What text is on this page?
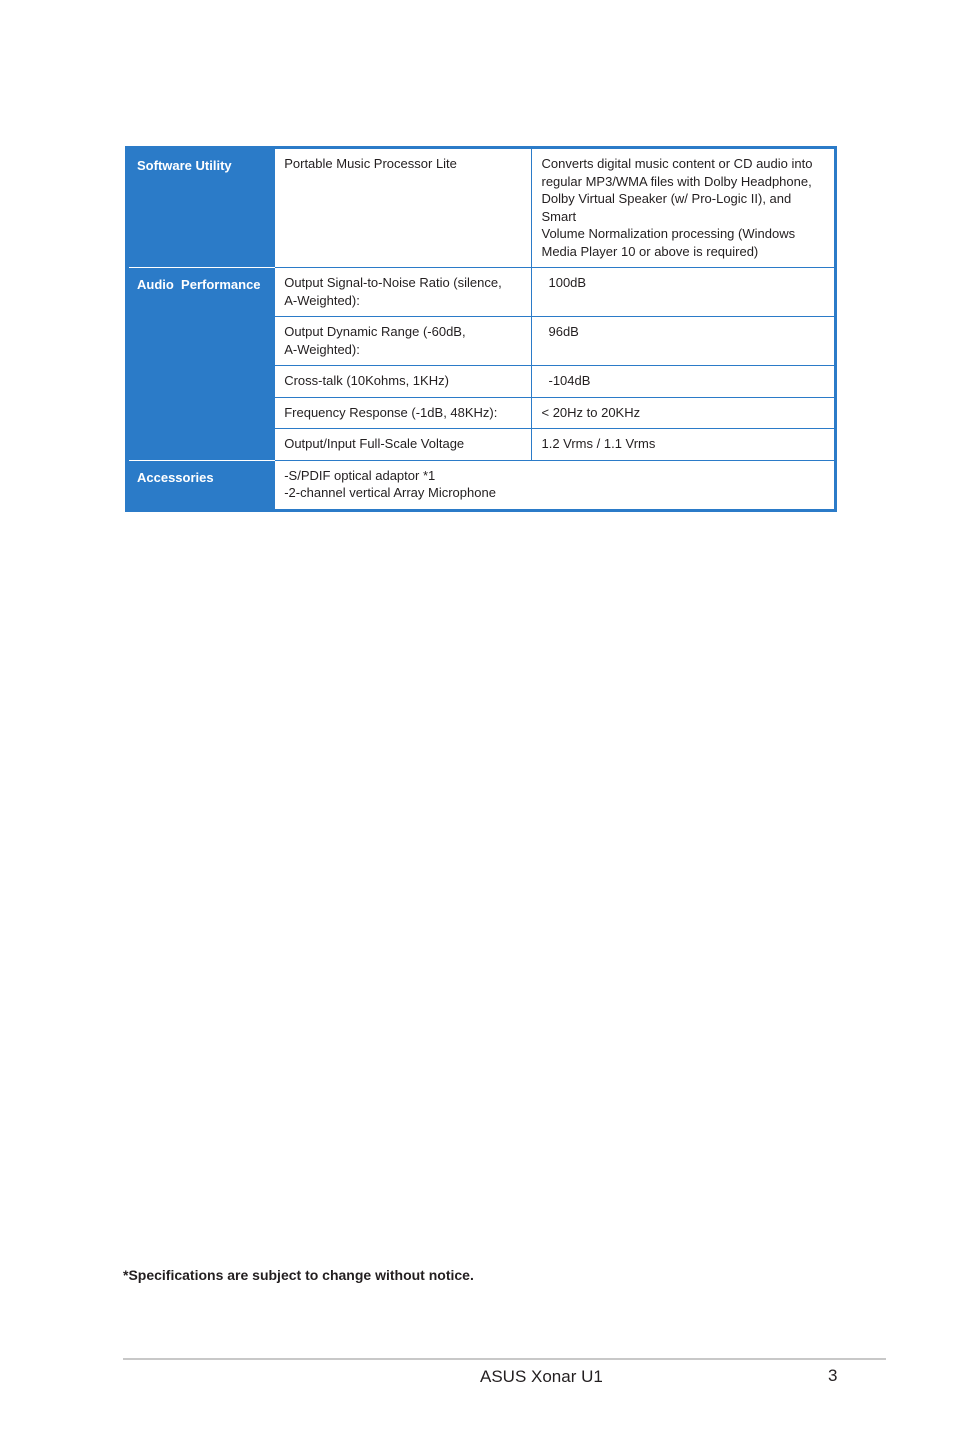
Software Utility	Portable Music Processor Lite	Converts digital music content or CD audio into
regular MP3/WMA files with Dolby Headphone,
Dolby Virtual Speaker (w/ Pro-Logic II), and Smart
Volume Normalization processing (Windows
Media Player 10 or above is required)

Audio  Performance	Output Signal-to-Noise Ratio (silence,
A-Weighted):	100dB

	Output Dynamic Range (-60dB,
A-Weighted):	96dB
	Cross-talk (10Kohms, 1KHz)	-104dB
	Frequency Response (-1dB, 48KHz):	< 20Hz to 20KHz
	Output/Input Full-Scale Voltage	1.2 Vrms / 1.1 Vrms
Accessories	-S/PDIF optical adaptor *1
-2-channel vertical Array Microphone	
*Specifications are subject to change without notice.
ASUS Xonar U1	3
